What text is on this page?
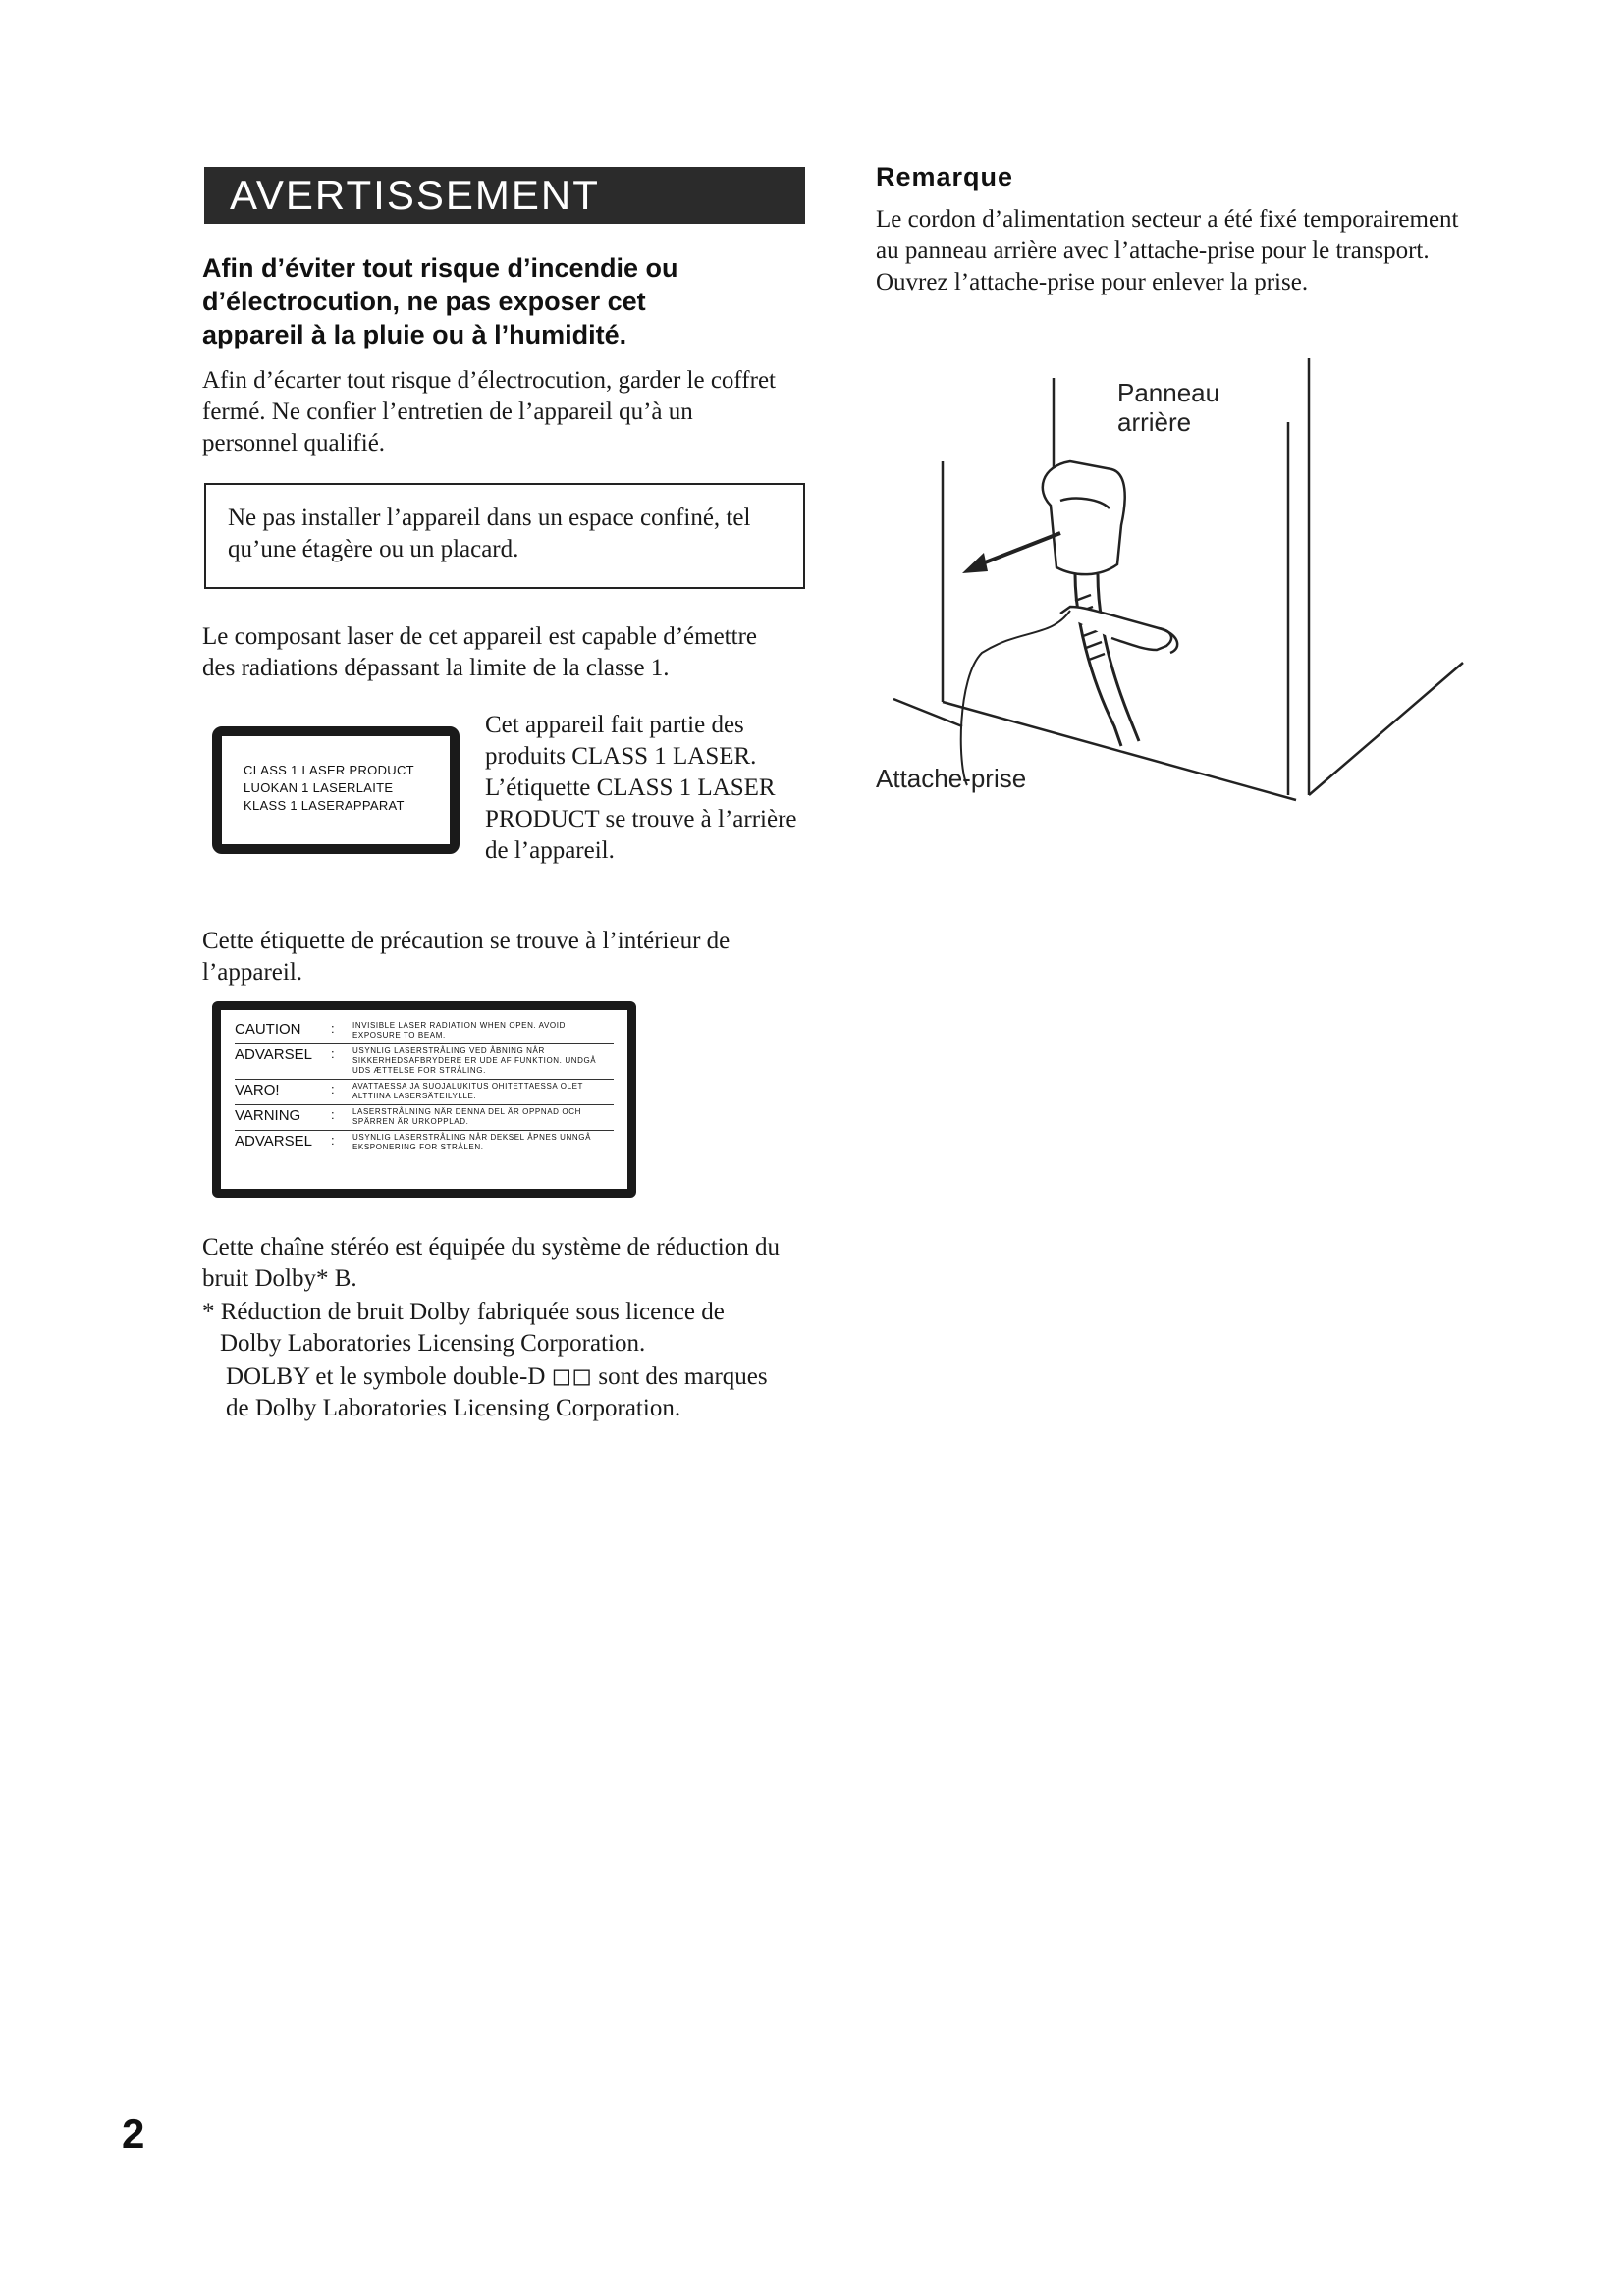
AVERTISSEMENT
Afin d’éviter tout risque d’incendie ou d’électrocution, ne pas exposer cet appareil à la pluie ou à l’humidité.
Afin d’écarter tout risque d’électrocution, garder le coffret fermé. Ne confier l’entretien de l’appareil qu’à un personnel qualifié.
Ne pas installer l’appareil dans un espace confiné, tel qu’une étagère ou un placard.
Le composant laser de cet appareil est capable d’émettre des radiations dépassant la limite de la classe 1.
CLASS 1 LASER PRODUCT
LUOKAN 1 LASERLAITE
KLASS 1 LASERAPPARAT
Cet appareil fait partie des produits CLASS 1 LASER. L’étiquette CLASS 1 LASER PRODUCT se trouve à l’arrière de l’appareil.
Cette étiquette de précaution se trouve à l’intérieur de l’appareil.
CAUTION	:	INVISIBLE LASER RADIATION WHEN OPEN. AVOID EXPOSURE TO BEAM.
ADVARSEL	:	USYNLIG LASERSTRÅLING VED ÅBNING NÅR SIKKERHEDSAFBRYDERE ER UDE AF FUNKTION. UNDGÅ UDS ÆTTELSE FOR STRÅLING.
VARO!	:	AVATTAESSA JA SUOJALUKITUS OHITETTAESSA OLET ALTTIINA LASERSÄTEILYLLE.
VARNING	:	LASERSTRÅLNING NÄR DENNA DEL ÄR OPPNAD OCH SPÄRREN ÄR URKOPPLAD.
ADVARSEL	:	USYNLIG LASERSTRÅLING NÅR DEKSEL ÅPNES UNNGÅ EKSPONERING FOR STRÅLEN.
Cette chaîne stéréo est équipée du système de réduction du bruit Dolby* B.
* Réduction de bruit Dolby fabriquée sous licence de Dolby Laboratories Licensing Corporation.
DOLBY et le symbole double-D ◻◻ sont des marques de Dolby Laboratories Licensing Corporation.
Remarque
Le cordon d’alimentation secteur a été fixé temporairement au panneau arrière avec l’attache-prise pour le transport.
Ouvrez l’attache-prise pour enlever la prise.
Panneau
arrière
Attache-prise
2
